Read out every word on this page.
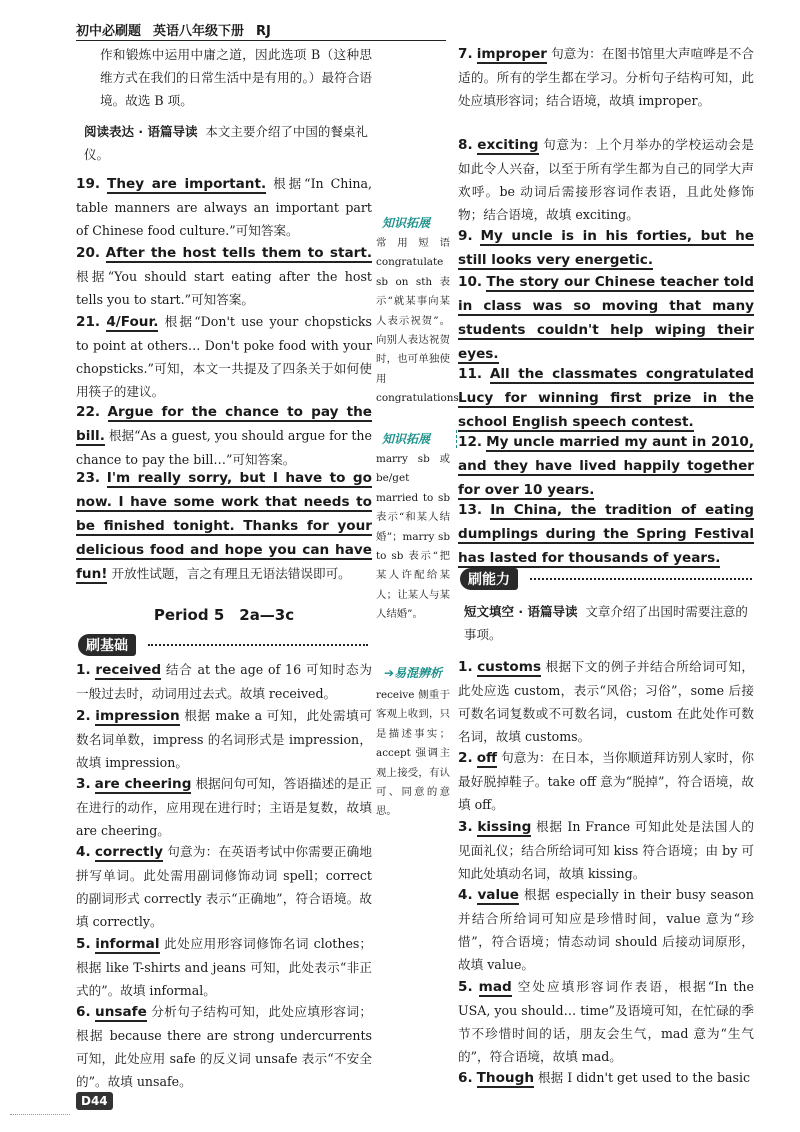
初中必刷题 英语八年级下册 RJ
作和锻炼中运用中庸之道，因此选项 B（这种思维方式在我们的日常生活中是有用的。）最符合语境。故选 B 项。
阅读表达 · 语篇导读 本文主要介绍了中国的餐桌礼仪。
19. They are important. 根据“In China, table manners are always an important part of Chinese food culture.”可知答案。
20. After the host tells them to start. 根据“You should start eating after the host tells you to start.”可知答案。
21. 4/Four. 根据“Don't use your chopsticks to point at others… Don't poke food with your chopsticks.”可知，本文一共提及了四条关于如何使用筷子的建议。
22. Argue for the chance to pay the bill. 根据“As a guest, you should argue for the chance to pay the bill…”可知答案。
23. I'm really sorry, but I have to go now. I have some work that needs to be finished tonight. Thanks for your delicious food and hope you can have fun! 开放性试题，言之有理且无语法错误即可。
Period 5　2a—3c
刷基础
1. received 结合 at the age of 16 可知时态为一般过去时，动词用过去式。故填 received。
2. impression 根据 make a 可知，此处需填可数名词单数，impress 的名词形式是 impression，故填 impression。
3. are cheering 根据问句可知，答语描述的是正在进行的动作，应用现在进行时；主语是复数，故填 are cheering。
4. correctly 句意为：在英语考试中你需要正确地拼写单词。此处需用副词修饰动词 spell；correct 的副词形式 correctly 表示“正确地”，符合语境。故填 correctly。
5. informal 此处应用形容词修饰名词 clothes；根据 like T-shirts and jeans 可知，此处表示“非正式的”。故填 informal。
6. unsafe 分析句子结构可知，此处应填形容词；根据 because there are strong undercurrents 可知，此处应用 safe 的反义词 unsafe 表示“不安全的”。故填 unsafe。
知识拓展
常用短语 congratulate sb on sth 表示“就某事向某人表示祝贺”。向别人表达祝贺时，也可单独使用 congratulations。
知识拓展
marry sb 或 be/get married to sb 表示“和某人结婚”；marry sb to sb 表示“把某人许配给某人；让某人与某人结婚”。
➔易混辨析
receive 侧重于客观上收到，只是描述事实；accept 强调主观上接受，有认可、同意的意思。
7. improper 句意为：在图书馆里大声喧哗是不合适的。所有的学生都在学习。分析句子结构可知，此处应填形容词；结合语境，故填 improper。
8. exciting 句意为：上个月举办的学校运动会是如此令人兴奋，以至于所有学生都为自己的同学大声欢呼。be 动词后需接形容词作表语，且此处修饰物；结合语境，故填 exciting。
9. My uncle is in his forties, but he still looks very energetic.
10. The story our Chinese teacher told in class was so moving that many students couldn't help wiping their eyes.
11. All the classmates congratulated Lucy for winning first prize in the school English speech contest.
12. My uncle married my aunt in 2010, and they have lived happily together for over 10 years.
13. In China, the tradition of eating dumplings during the Spring Festival has lasted for thousands of years.
刷能力
短文填空 · 语篇导读 文章介绍了出国时需要注意的事项。
1. customs 根据下文的例子并结合所给词可知，此处应选 custom，表示“风俗；习俗”，some 后接可数名词复数或不可数名词，custom 在此处作可数名词，故填 customs。
2. off 句意为：在日本，当你顺道拜访别人家时，你最好脱掉鞋子。take off 意为“脱掉”，符合语境，故填 off。
3. kissing 根据 In France 可知此处是法国人的见面礼仪；结合所给词可知 kiss 符合语境；由 by 可知此处填动名词，故填 kissing。
4. value 根据 especially in their busy season 并结合所给词可知应是珍惜时间，value 意为“珍惜”，符合语境；情态动词 should 后接动词原形，故填 value。
5. mad 空处应填形容词作表语，根据“In the USA, you should… time”及语境可知，在忙碌的季节不珍惜时间的话，朋友会生气，mad 意为“生气的”，符合语境，故填 mad。
6. Though 根据 I didn't get used to the basic
D44
